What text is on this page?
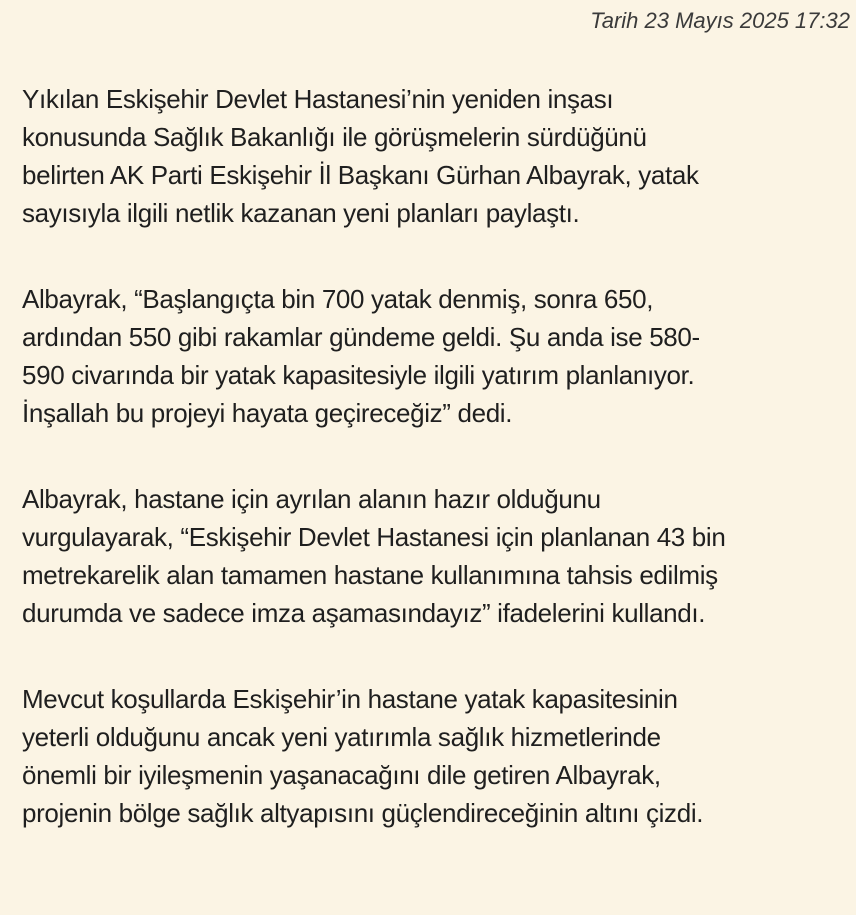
Tarih 23 Mayıs 2025 17:32

Yıkılan Eskişehir Devlet Hastanesi’nin yeniden inşası
konusunda Sağlık Bakanlığı ile görüşmelerin sürdüğünü
belirten AK Parti Eskişehir İl Başkanı Gürhan Albayrak, yatak
sayısıyla ilgili netlik kazanan yeni planları paylaştı.

Albayrak, “Başlangıçta bin 700 yatak denmiş, sonra 650,
ardından 550 gibi rakamlar gündeme geldi. Şu anda ise 580-
590 civarında bir yatak kapasitesiyle ilgili yatırım planlanıyor.
İnşallah bu projeyi hayata geçireceğiz” dedi.

Albayrak, hastane için ayrılan alanın hazır olduğunu
vurgulayarak, “Eskişehir Devlet Hastanesi için planlanan 43 bin
metrekarelik alan tamamen hastane kullanımına tahsis edilmiş
durumda ve sadece imza aşamasındayız” ifadelerini kullandı.

Mevcut koşullarda Eskişehir’in hastane yatak kapasitesinin
yeterli olduğunu ancak yeni yatırımla sağlık hizmetlerinde
önemli bir iyileşmenin yaşanacağını dile getiren Albayrak,
projenin bölge sağlık altyapısını güçlendireceğinin altını çizdi.
